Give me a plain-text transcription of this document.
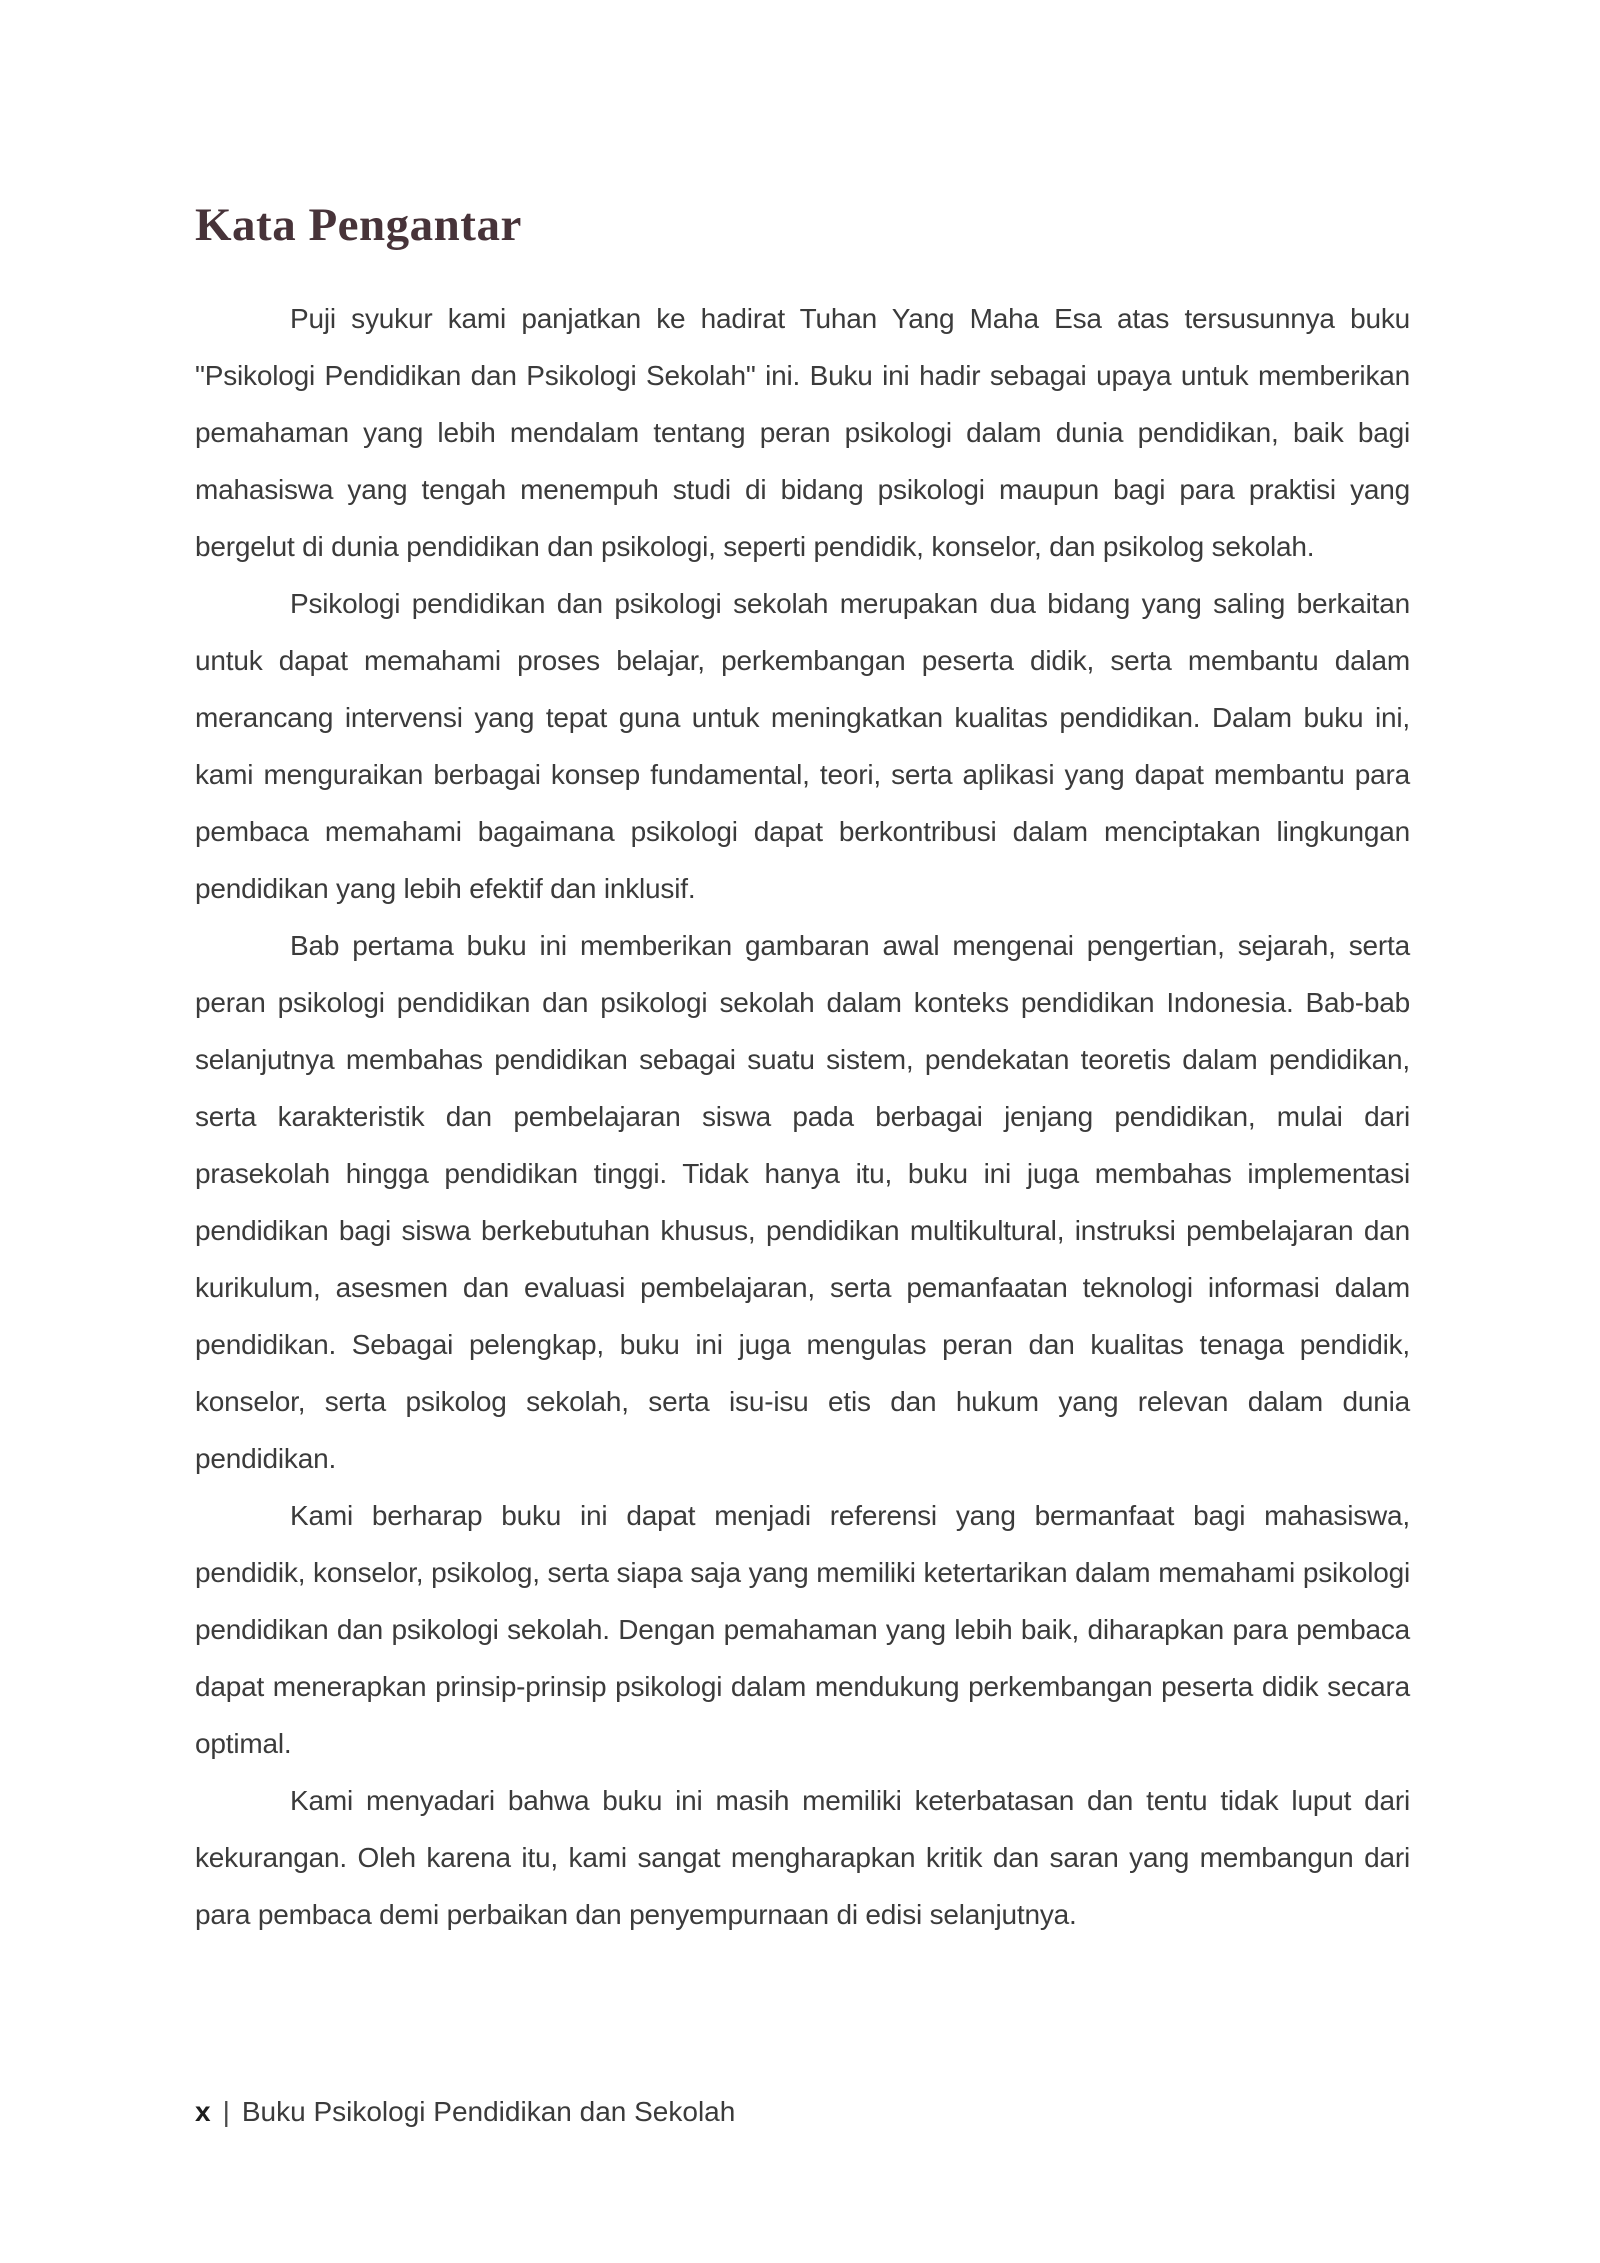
Kata Pengantar

Puji syukur kami panjatkan ke hadirat Tuhan Yang Maha Esa atas tersusunnya buku "Psikologi Pendidikan dan Psikologi Sekolah" ini. Buku ini hadir sebagai upaya untuk memberikan pemahaman yang lebih mendalam tentang peran psikologi dalam dunia pendidikan, baik bagi mahasiswa yang tengah menempuh studi di bidang psikologi maupun bagi para praktisi yang bergelut di dunia pendidikan dan psikologi, seperti pendidik, konselor, dan psikolog sekolah.

Psikologi pendidikan dan psikologi sekolah merupakan dua bidang yang saling berkaitan untuk dapat memahami proses belajar, perkembangan peserta didik, serta membantu dalam merancang intervensi yang tepat guna untuk meningkatkan kualitas pendidikan. Dalam buku ini, kami menguraikan berbagai konsep fundamental, teori, serta aplikasi yang dapat membantu para pembaca memahami bagaimana psikologi dapat berkontribusi dalam menciptakan lingkungan pendidikan yang lebih efektif dan inklusif.

Bab pertama buku ini memberikan gambaran awal mengenai pengertian, sejarah, serta peran psikologi pendidikan dan psikologi sekolah dalam konteks pendidikan Indonesia. Bab-bab selanjutnya membahas pendidikan sebagai suatu sistem, pendekatan teoretis dalam pendidikan, serta karakteristik dan pembelajaran siswa pada berbagai jenjang pendidikan, mulai dari prasekolah hingga pendidikan tinggi. Tidak hanya itu, buku ini juga membahas implementasi pendidikan bagi siswa berkebutuhan khusus, pendidikan multikultural, instruksi pembelajaran dan kurikulum, asesmen dan evaluasi pembelajaran, serta pemanfaatan teknologi informasi dalam pendidikan. Sebagai pelengkap, buku ini juga mengulas peran dan kualitas tenaga pendidik, konselor, serta psikolog sekolah, serta isu-isu etis dan hukum yang relevan dalam dunia pendidikan.

Kami berharap buku ini dapat menjadi referensi yang bermanfaat bagi mahasiswa, pendidik, konselor, psikolog, serta siapa saja yang memiliki ketertarikan dalam memahami psikologi pendidikan dan psikologi sekolah. Dengan pemahaman yang lebih baik, diharapkan para pembaca dapat menerapkan prinsip-prinsip psikologi dalam mendukung perkembangan peserta didik secara optimal.

Kami menyadari bahwa buku ini masih memiliki keterbatasan dan tentu tidak luput dari kekurangan. Oleh karena itu, kami sangat mengharapkan kritik dan saran yang membangun dari para pembaca demi perbaikan dan penyempurnaan di edisi selanjutnya.

x | Buku Psikologi Pendidikan dan Sekolah
